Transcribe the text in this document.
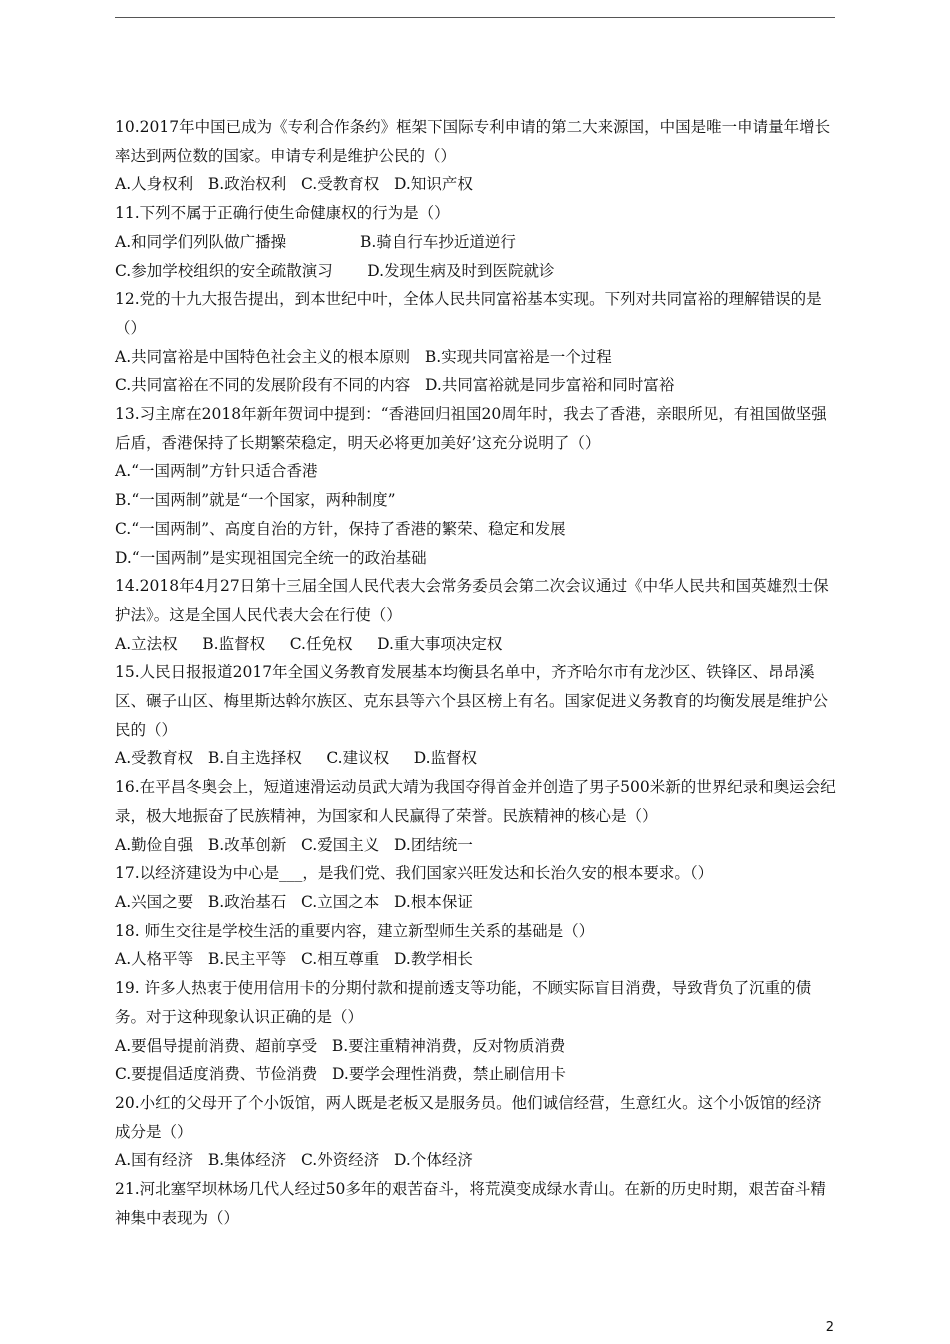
10.2017年中国已成为《专利合作条约》框架下国际专利申请的第二大来源国，中国是唯一申请量年增长率达到两位数的国家。申请专利是维护公民的（）

A.人身权利   B.政治权利   C.受教育权   D.知识产权

11.下列不属于正确行使生命健康权的行为是（）

A.和同学们列队做广播操               B.骑自行车抄近道逆行

C.参加学校组织的安全疏散演习       D.发现生病及时到医院就诊

12.党的十九大报告提出，到本世纪中叶，全体人民共同富裕基本实现。下列对共同富裕的理解错误的是（）

A.共同富裕是中国特色社会主义的根本原则   B.实现共同富裕是一个过程

C.共同富裕在不同的发展阶段有不同的内容   D.共同富裕就是同步富裕和同时富裕

13.习主席在2018年新年贺词中提到：“香港回归祖国20周年时，我去了香港，亲眼所见，有祖国做坚强后盾，香港保持了长期繁荣稳定，明天必将更加美好’这充分说明了（）

A.“一国两制”方针只适合香港

B.“一国两制”就是“一个国家，两种制度”

C.“一国两制”、高度自治的方针，保持了香港的繁荣、稳定和发展

D.“一国两制”是实现祖国完全统一的政治基础

14.2018年4月27日第十三届全国人民代表大会常务委员会第二次会议通过《中华人民共和国英雄烈士保护法》。这是全国人民代表大会在行使（）

A.立法权     B.监督权     C.任免权     D.重大事项决定权

15.人民日报报道2017年全国义务教育发展基本均衡县名单中，齐齐哈尔市有龙沙区、铁锋区、昂昂溪区、碾子山区、梅里斯达斡尔族区、克东县等六个县区榜上有名。国家促进义务教育的均衡发展是维护公民的（）

A.受教育权   B.自主选择权     C.建议权     D.监督权

16.在平昌冬奥会上，短道速滑运动员武大靖为我国夺得首金并创造了男子500米新的世界纪录和奥运会纪录，极大地振奋了民族精神，为国家和人民赢得了荣誉。民族精神的核心是（）

A.勤俭自强   B.改革创新   C.爱国主义   D.团结统一

17.以经济建设为中心是___，是我们党、我们国家兴旺发达和长治久安的根本要求。（）

A.兴国之要   B.政治基石   C.立国之本   D.根本保证

18. 师生交往是学校生活的重要内容，建立新型师生关系的基础是（）

A.人格平等   B.民主平等   C.相互尊重   D.教学相长

19. 许多人热衷于使用信用卡的分期付款和提前透支等功能，不顾实际盲目消费，导致背负了沉重的债务。对于这种现象认识正确的是（）

A.要倡导提前消费、超前享受   B.要注重精神消费，反对物质消费

C.要提倡适度消费、节俭消费   D.要学会理性消费，禁止刷信用卡

20.小红的父母开了个小饭馆，两人既是老板又是服务员。他们诚信经营，生意红火。这个小饭馆的经济成分是（）

A.国有经济   B.集体经济   C.外资经济   D.个体经济

21.河北塞罕坝林场几代人经过50多年的艰苦奋斗，将荒漠变成绿水青山。在新的历史时期，艰苦奋斗精神集中表现为（）

2
